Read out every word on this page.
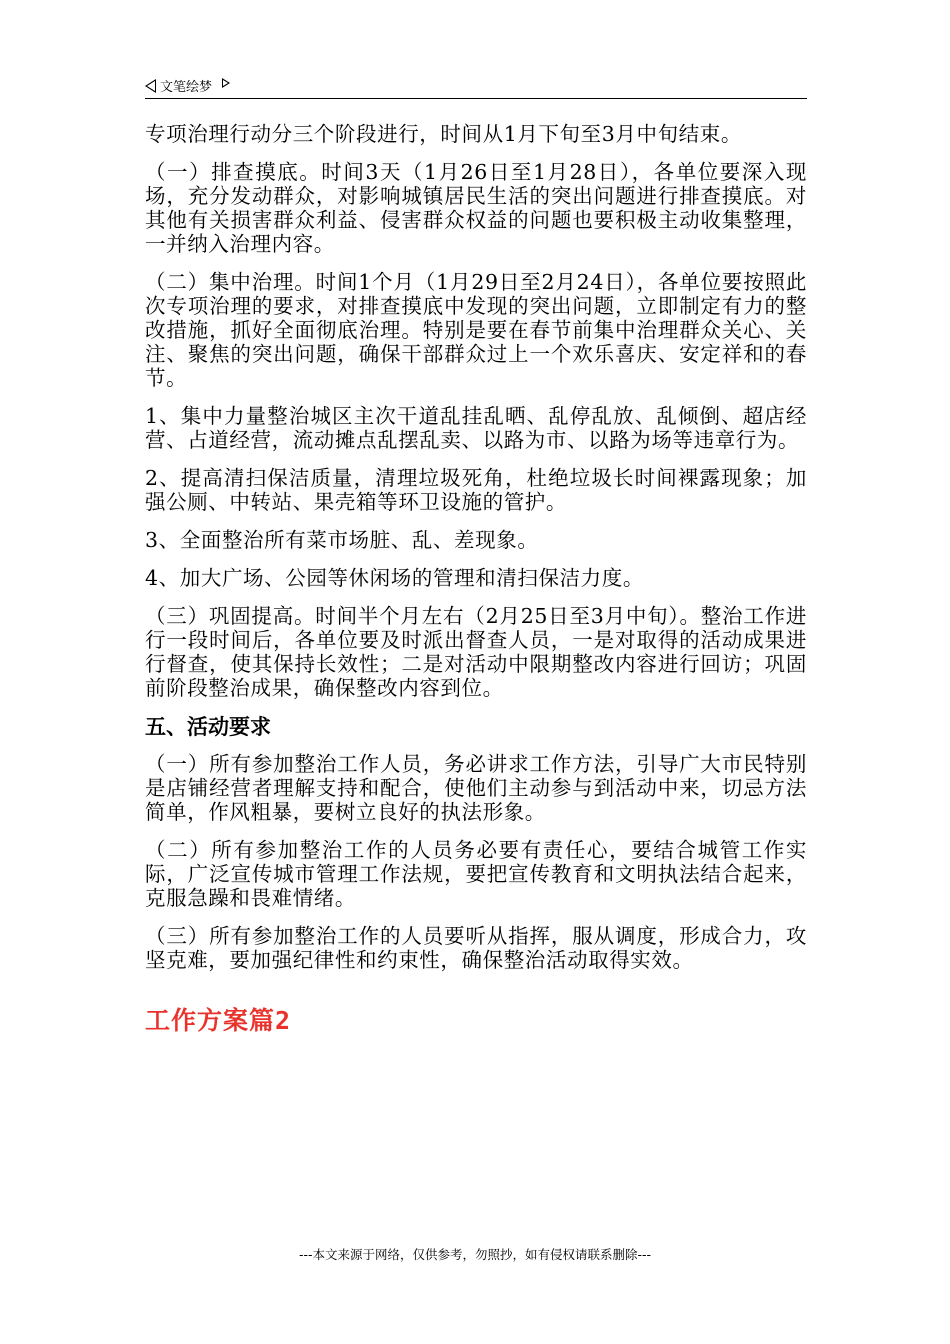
文笔绘梦

专项治理行动分三个阶段进行，时间从1月下旬至3月中旬结束。

（一）排查摸底。时间3天（1月26日至1月28日），各单位要深入现场，充分发动群众，对影响城镇居民生活的突出问题进行排查摸底。对其他有关损害群众利益、侵害群众权益的问题也要积极主动收集整理，一并纳入治理内容。

（二）集中治理。时间1个月（1月29日至2月24日），各单位要按照此次专项治理的要求，对排查摸底中发现的突出问题，立即制定有力的整改措施，抓好全面彻底治理。特别是要在春节前集中治理群众关心、关注、聚焦的突出问题，确保干部群众过上一个欢乐喜庆、安定祥和的春节。

1、集中力量整治城区主次干道乱挂乱晒、乱停乱放、乱倾倒、超店经营、占道经营，流动摊点乱摆乱卖、以路为市、以路为场等违章行为。

2、提高清扫保洁质量，清理垃圾死角，杜绝垃圾长时间裸露现象；加强公厕、中转站、果壳箱等环卫设施的管护。

3、全面整治所有菜市场脏、乱、差现象。

4、加大广场、公园等休闲场的管理和清扫保洁力度。

（三）巩固提高。时间半个月左右（2月25日至3月中旬）。整治工作进行一段时间后，各单位要及时派出督查人员，一是对取得的活动成果进行督查，使其保持长效性；二是对活动中限期整改内容进行回访；巩固前阶段整治成果，确保整改内容到位。

五、活动要求

（一）所有参加整治工作人员，务必讲求工作方法，引导广大市民特别是店铺经营者理解支持和配合，使他们主动参与到活动中来，切忌方法简单，作风粗暴，要树立良好的执法形象。

（二）所有参加整治工作的人员务必要有责任心，要结合城管工作实际，广泛宣传城市管理工作法规，要把宣传教育和文明执法结合起来，克服急躁和畏难情绪。

（三）所有参加整治工作的人员要听从指挥，服从调度，形成合力，攻坚克难，要加强纪律性和约束性，确保整治活动取得实效。

工作方案篇2
---本文来源于网络，仅供参考，勿照抄，如有侵权请联系删除---
